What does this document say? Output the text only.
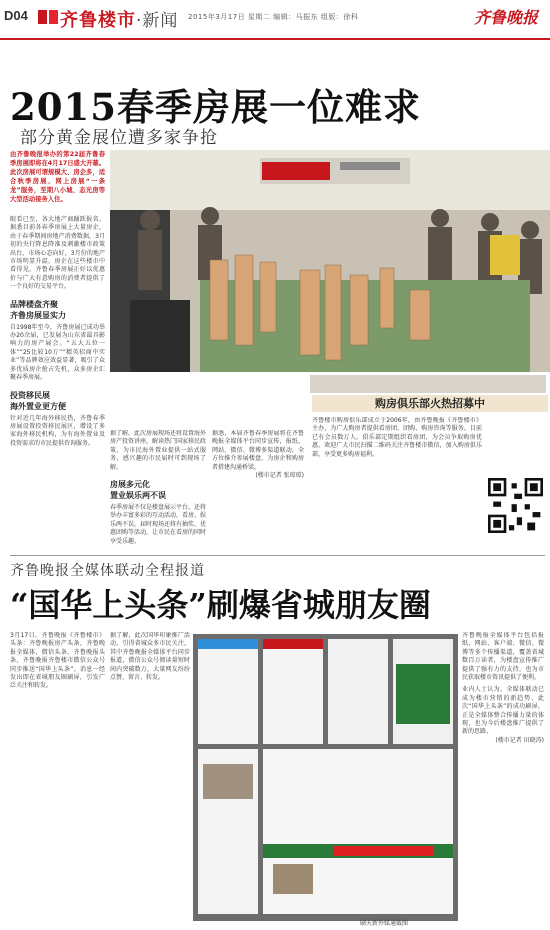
D04 齐鲁楼市·新闻 2015年3月17日 星期二 编辑：马振东 组版：徐科	齐鲁晚报
2015春季房展一位难求
部分黄金展位遭多家争抢
由齐鲁晚报举办的第22届齐鲁春季房展即将在4月17日盛大开幕。此次房展可谓规模大、房企多，适合秋季房展、网上房展“一条龙”服务，至期八小城、态光房等大型活动接务入住。
眼看已至，各大地产商踊跃报名，据悉目前各春季房展上大量房企，由于春季期间房地产消费数据，3月初的央行降息降准及刺激楼市政策出台，市场心态向好，3月份的地产市场明显升温，房企在这些楼市中看得见，齐鲁春季房展正好以优惠价与广大有意购房的消费者提供了一个良好的交易平台。
品牌楼盘齐聚
齐鲁房展显实力
自1998年至今，齐鲁房展已成功举办20余届，已发展为山东省最具影响力的房产展会。“五大五位一体”“25比较10万”“精英招商中实业”等品牌效应效益显著，吸引了众多优质房企抢占先机，众多房企汇聚春季房展。
投资移民展
海外置业更方便
针对近几年海外移民热，齐鲁春季房展设置投资移民展区，增设了多家海外移民机构，为有海外置业及投资需求的市民提供咨询服务。
据了解，此次房展现场还将设置海外房产投资讲座，解读热门国家移民政策，为市民海外置业提供一站式服务，感兴趣的市民届时可到现场了解。
房展多元化
置业娱乐两不误
春季房展不仅是楼盘展示平台，还将举办丰富多彩的互动活动，看房、娱乐两不误。届时现场还将有抽奖、优惠团购等活动，让市民在看房的同时享受乐趣。
据悉，本届齐鲁春季房展将在齐鲁晚报全媒体平台同步宣传，报纸、网站、微信、微博多渠道联动，全方位推介参展楼盘，为房企和购房者搭建沟通桥梁。
(楼市记者 张琼琼)
购房俱乐部火热招募中
齐鲁楼市购房俱乐部成立于2006年，由齐鲁晚报《齐鲁楼市》主办，为广大购房者提供看房团、团购、购房咨询等服务。目前已有会员数万人。俱乐部定期组织看房团，为会员争取购房优惠，欢迎广大市民扫描二维码关注齐鲁楼市微信，加入购房俱乐部，享受更多购房福利。
齐鲁晚报全媒体联动全程报道
“国华上头条”刷爆省城朋友圈
3月17日，齐鲁晚报《齐鲁楼市》头条：齐鲁晚报房产头条，齐鲁晚报全媒体，微信头条、齐鲁晚报头条、齐鲁晚报齐鲁楼市微信公众号同步推送“国华上头条”。消息一经发出即在省城朋友圈刷屏，引发广泛关注和转发。
据了解，此次国华印象推广活动，引得省城众多市民关注，其中齐鲁晚报全媒体平台同步报道，微信公众号阅读量短时间内突破数万，大量网友纷纷点赞、留言、转发。
刷天新外媒通截图
齐鲁晚报全媒体平台包括报纸、网站、客户端、微信、微博等多个传播渠道，覆盖省城数百万读者，为楼盘宣传推广提供了强有力的支持，也为市民获取楼市资讯提供了便利。
业内人士认为，全媒体联动已成为楼市营销的新趋势，此次“国华上头条”的成功刷屏，正是全媒体整合传播力量的体现，也为今后楼盘推广提供了新的思路。
(楼市记者 田晓涛)
